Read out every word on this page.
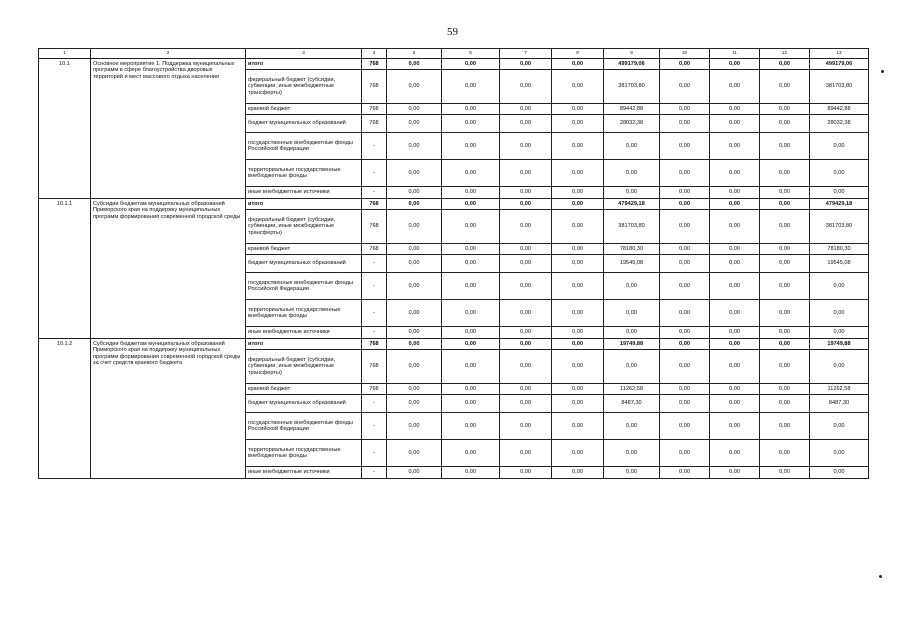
59
1	2	3	4	5	6	7	8	9	10	11	12	13
10.1	Основное мероприятие 1. Поддержка муниципальных программ в сфере благоустройства дворовых территорий и мест массового отдыха населения	итого	768	0,00	0,00	0,00	0,00	499179,06	0,00	0,00	0,00	499179,06
		федеральный бюджет (субсидии, субвенции, иные межбюджетные трансферты)	768	0,00	0,00	0,00	0,00	381703,80	0,00	0,00	0,00	381703,80
		краевой бюджет	768	0,00	0,00	0,00	0,00	89442,88	0,00	0,00	0,00	89442,88
		бюджет муниципальных образований	768	0,00	0,00	0,00	0,00	28032,38	0,00	0,00	0,00	28032,38
		государственные внебюджетные фонды Российской Федерации	-	0,00	0,00	0,00	0,00	0,00	0,00	0,00	0,00	0,00
		территориальные государственные внебюджетные фонды	-	0,00	0,00	0,00	0,00	0,00	0,00	0,00	0,00	0,00
		иные внебюджетные источники	-	0,00	0,00	0,00	0,00	0,00	0,00	0,00	0,00	0,00
10.1.1	Субсидии бюджетам муниципальных образований Приморского края на поддержку муниципальных программ формирования современной городской среды	итого	768	0,00	0,00	0,00	0,00	479429,18	0,00	0,00	0,00	479429,18
		федеральный бюджет (субсидии, субвенции, иные межбюджетные трансферты)	768	0,00	0,00	0,00	0,00	381703,80	0,00	0,00	0,00	381703,80
		краевой бюджет	768	0,00	0,00	0,00	0,00	78180,30	0,00	0,00	0,00	78180,30
		бюджет муниципальных образований	-	0,00	0,00	0,00	0,00	19545,08	0,00	0,00	0,00	19545,08
		государственные внебюджетные фонды Российской Федерации	-	0,00	0,00	0,00	0,00	0,00	0,00	0,00	0,00	0,00
		территориальные государственные внебюджетные фонды	-	0,00	0,00	0,00	0,00	0,00	0,00	0,00	0,00	0,00
		иные внебюджетные источники	-	0,00	0,00	0,00	0,00	0,00	0,00	0,00	0,00	0,00
10.1.2	Субсидии бюджетам муниципальных образований Приморского края на поддержку муниципальных программ формирования современной городской среды за счет средств краевого бюджета	итого	768	0,00	0,00	0,00	0,00	19749,88	0,00	0,00	0,00	19749,88
		федеральный бюджет (субсидии, субвенции, иные межбюджетные трансферты)	768	0,00	0,00	0,00	0,00	0,00	0,00	0,00	0,00	0,00
		краевой бюджет	768	0,00	0,00	0,00	0,00	11262,58	0,00	0,00	0,00	11262,58
		бюджет муниципальных образований	-	0,00	0,00	0,00	0,00	8487,30	0,00	0,00	0,00	8487,30
		государственные внебюджетные фонды Российской Федерации	-	0,00	0,00	0,00	0,00	0,00	0,00	0,00	0,00	0,00
		территориальные государственные внебюджетные фонды	-	0,00	0,00	0,00	0,00	0,00	0,00	0,00	0,00	0,00
		иные внебюджетные источники	-	0,00	0,00	0,00	0,00	0,00	0,00	0,00	0,00	0,00
